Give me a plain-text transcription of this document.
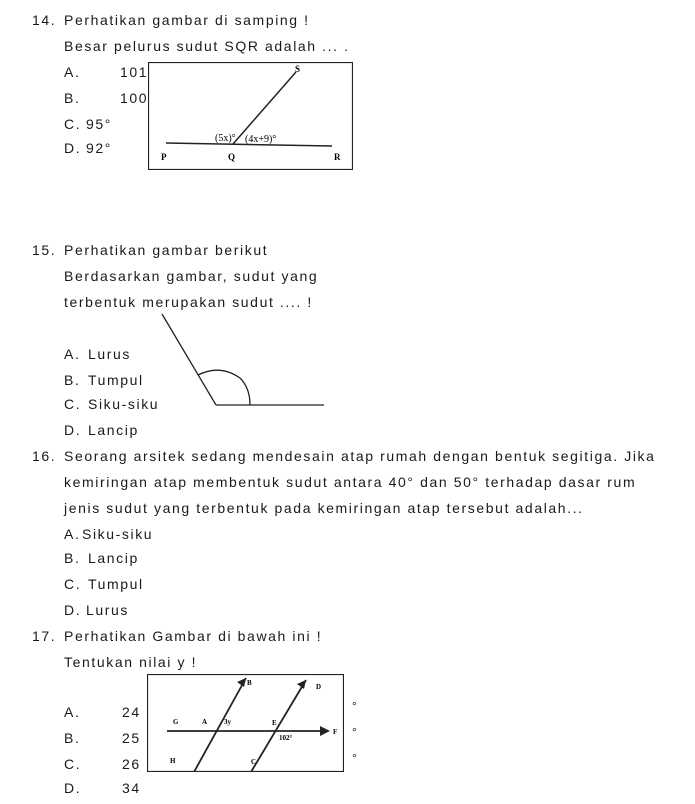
14. Perhatikan gambar di samping !
Besar pelurus sudut SQR adalah ... .
A.	101
B.	100
C. 95°
D. 92°
S
P	Q	R
(5x)° (4x+9)°
15. Perhatikan gambar berikut
Berdasarkan gambar, sudut yang
terbentuk merupakan sudut .... !
A. Lurus
B. Tumpul
C. Siku-siku
D. Lancip
16. Seorang arsitek sedang mendesain atap rumah dengan bentuk segitiga. Jika
kemiringan atap membentuk sudut antara 40° dan 50° terhadap dasar rum
jenis sudut yang terbentuk pada kemiringan atap tersebut adalah...
A. Siku-siku
B. Lancip
C. Tumpul
D. Lurus
17. Perhatikan Gambar di bawah ini !
Tentukan nilai y !
A.	24
B.	25
C.	26
D.	34
B	D
G	A 3y	E
F
H	C
102°
°
°
°
